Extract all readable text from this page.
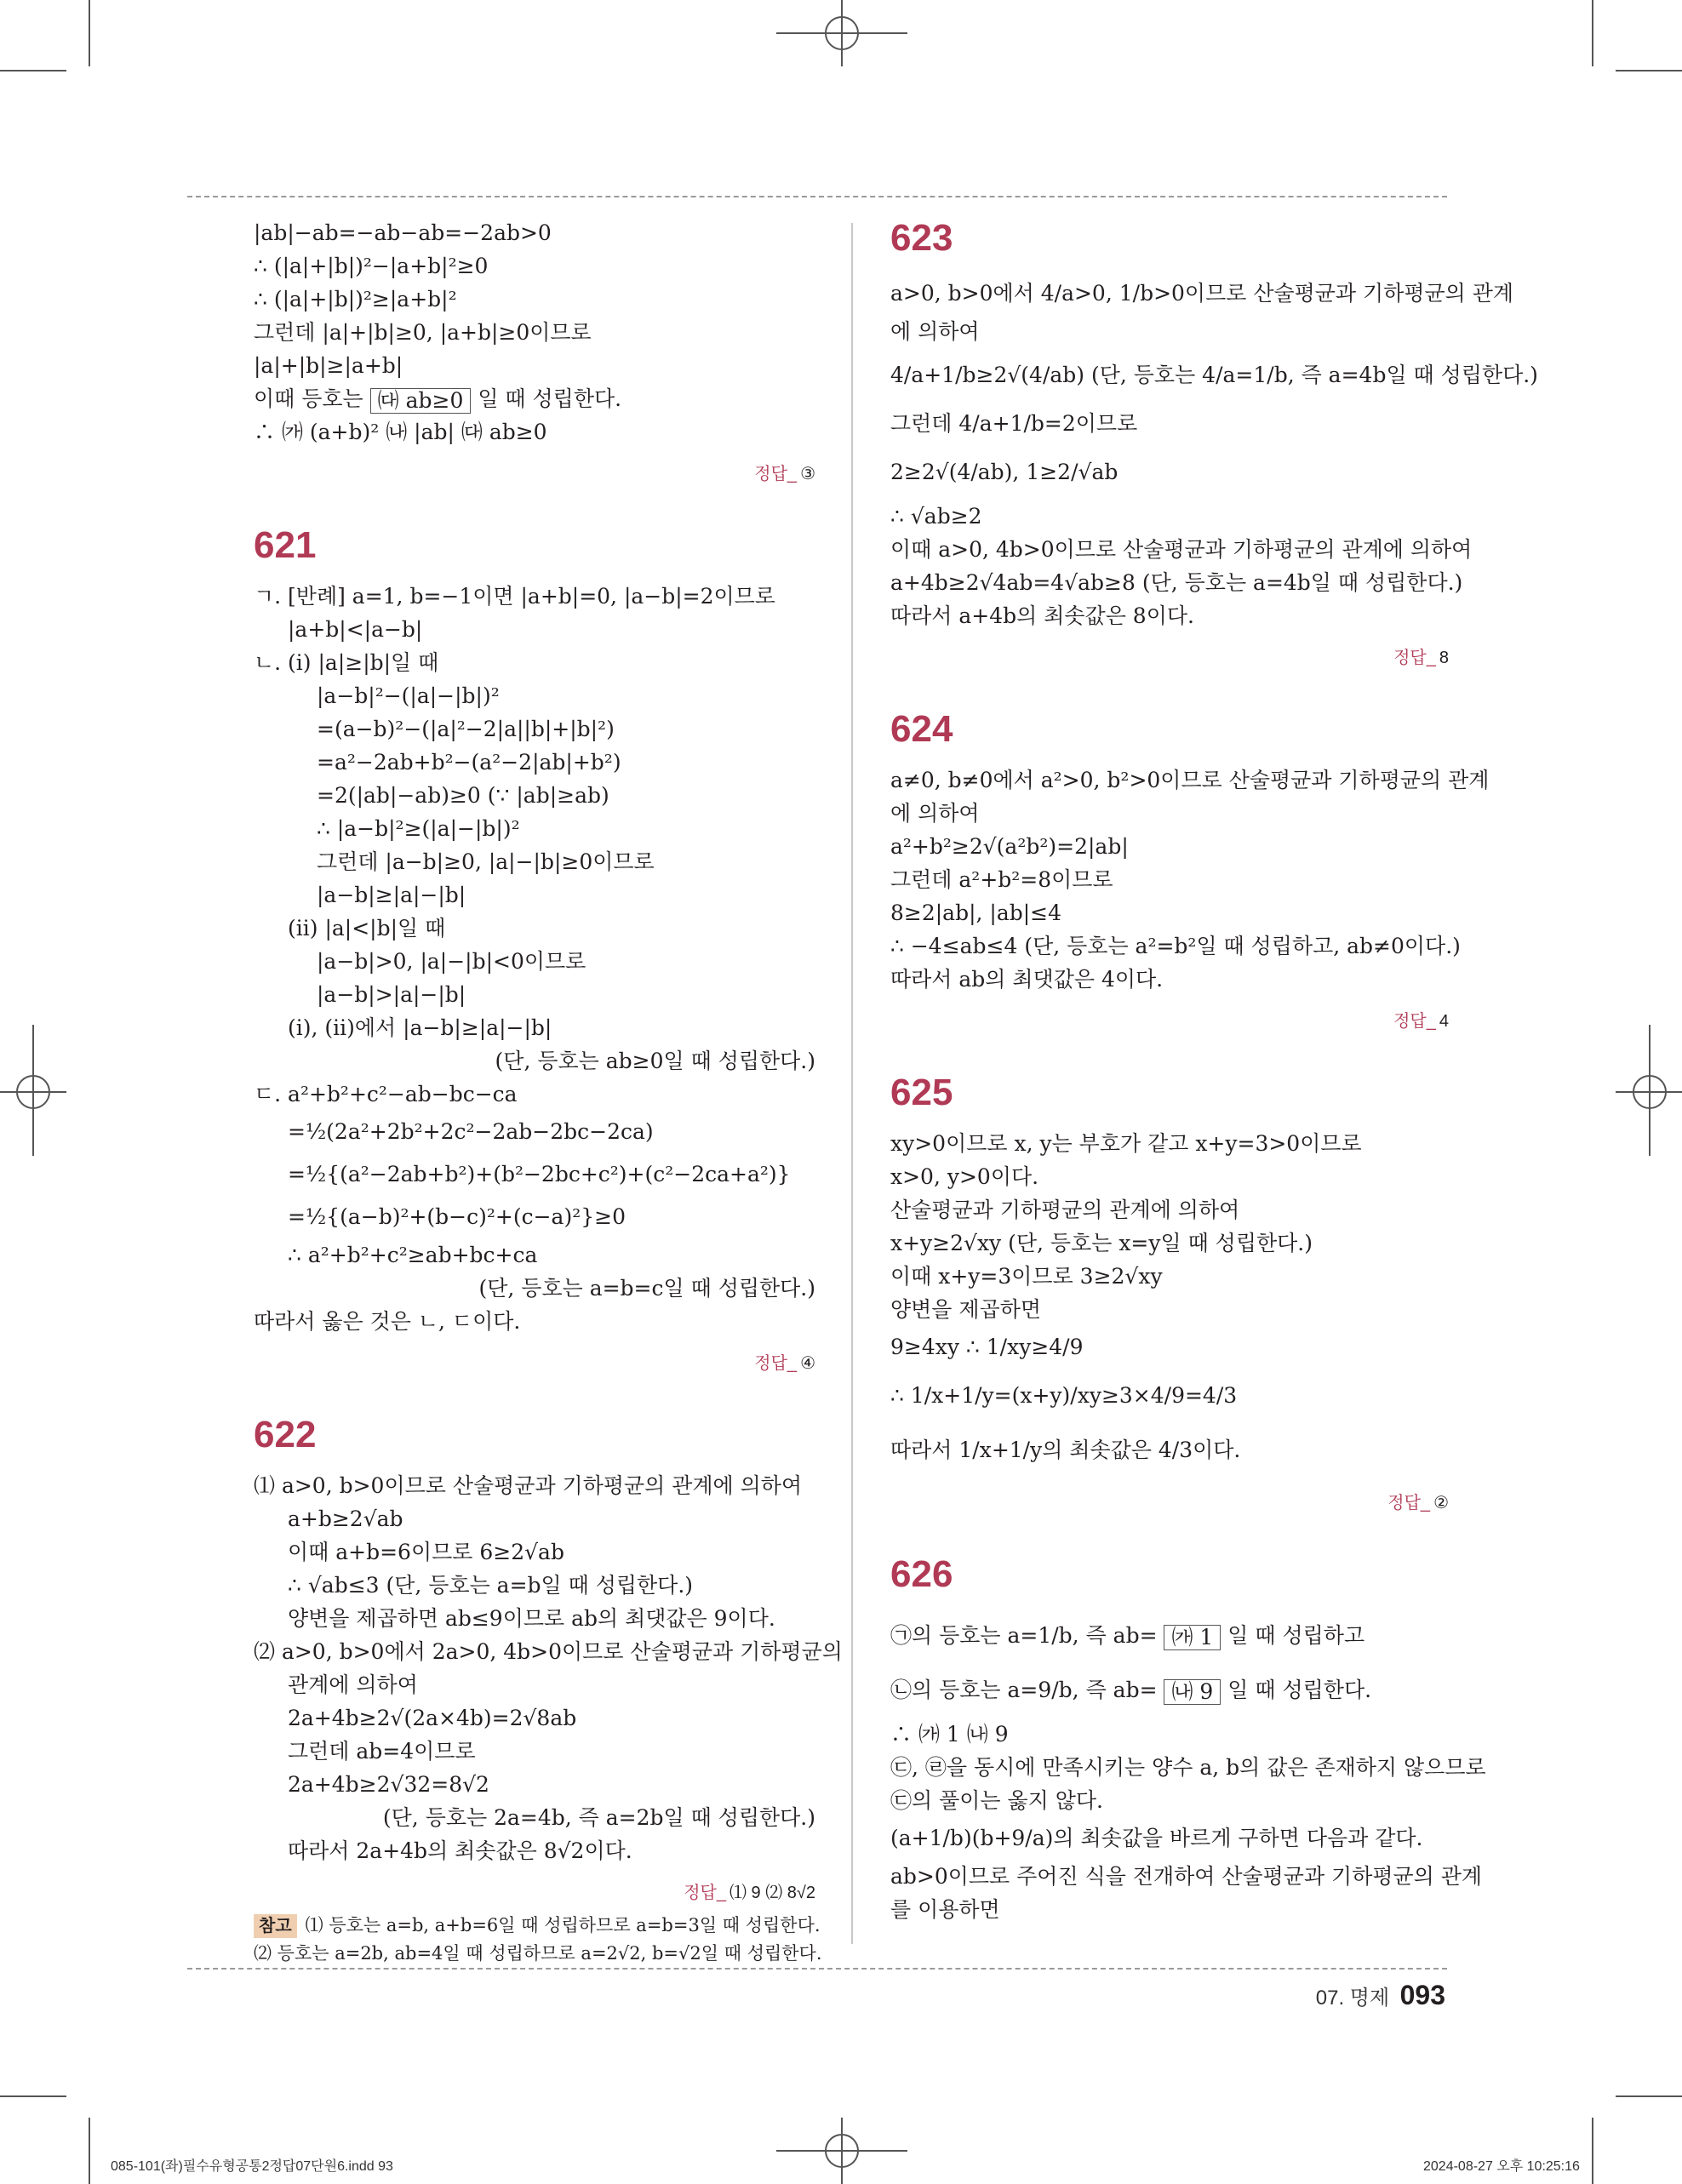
|ab|−ab=−ab−ab=−2ab>0
∴ (|a|+|b|)²−|a+b|²≥0
∴ (|a|+|b|)²≥|a+b|²
그런데 |a|+|b|≥0, |a+b|≥0이므로
|a|+|b|≥|a+b|
이때 등호는 ㈐ ab≥0 일 때 성립한다.
∴ ㈎ (a+b)² ㈏ |ab| ㈐ ab≥0
정답_ ③
621
ㄱ. [반례] a=1, b=−1이면 |a+b|=0, |a−b|=2이므로
|a+b|<|a−b|
ㄴ. (ⅰ) |a|≥|b|일 때
|a−b|²−(|a|−|b|)²
=(a−b)²−(|a|²−2|a||b|+|b|²)
=a²−2ab+b²−(a²−2|ab|+b²)
=2(|ab|−ab)≥0 (∵ |ab|≥ab)
∴ |a−b|²≥(|a|−|b|)²
그런데 |a−b|≥0, |a|−|b|≥0이므로
|a−b|≥|a|−|b|
(ⅱ) |a|<|b|일 때
|a−b|>0, |a|−|b|<0이므로
|a−b|>|a|−|b|
(ⅰ), (ⅱ)에서 |a−b|≥|a|−|b|
(단, 등호는 ab≥0일 때 성립한다.)
ㄷ. a²+b²+c²−ab−bc−ca
=½(2a²+2b²+2c²−2ab−2bc−2ca)
=½{(a²−2ab+b²)+(b²−2bc+c²)+(c²−2ca+a²)}
=½{(a−b)²+(b−c)²+(c−a)²}≥0
∴ a²+b²+c²≥ab+bc+ca
(단, 등호는 a=b=c일 때 성립한다.)
따라서 옳은 것은 ㄴ, ㄷ이다.
정답_ ④
622
⑴ a>0, b>0이므로 산술평균과 기하평균의 관계에 의하여
a+b≥2√ab
이때 a+b=6이므로 6≥2√ab
∴ √ab≤3 (단, 등호는 a=b일 때 성립한다.)
양변을 제곱하면 ab≤9이므로 ab의 최댓값은 9이다.
⑵ a>0, b>0에서 2a>0, 4b>0이므로 산술평균과 기하평균의
관계에 의하여
2a+4b≥2√(2a×4b)=2√8ab
그런데 ab=4이므로
2a+4b≥2√32=8√2
(단, 등호는 2a=4b, 즉 a=2b일 때 성립한다.)
따라서 2a+4b의 최솟값은 8√2이다.
정답_ ⑴ 9 ⑵ 8√2
참고 ⑴ 등호는 a=b, a+b=6일 때 성립하므로 a=b=3일 때 성립한다.
⑵ 등호는 a=2b, ab=4일 때 성립하므로 a=2√2, b=√2일 때 성립한다.
623
a>0, b>0에서 4/a>0, 1/b>0이므로 산술평균과 기하평균의 관계
에 의하여
4/a+1/b≥2√(4/ab) (단, 등호는 4/a=1/b, 즉 a=4b일 때 성립한다.)
그런데 4/a+1/b=2이므로
2≥2√(4/ab), 1≥2/√ab
∴ √ab≥2
이때 a>0, 4b>0이므로 산술평균과 기하평균의 관계에 의하여
a+4b≥2√4ab=4√ab≥8 (단, 등호는 a=4b일 때 성립한다.)
따라서 a+4b의 최솟값은 8이다.
정답_ 8
624
a≠0, b≠0에서 a²>0, b²>0이므로 산술평균과 기하평균의 관계
에 의하여
a²+b²≥2√(a²b²)=2|ab|
그런데 a²+b²=8이므로
8≥2|ab|, |ab|≤4
∴ −4≤ab≤4 (단, 등호는 a²=b²일 때 성립하고, ab≠0이다.)
따라서 ab의 최댓값은 4이다.
정답_ 4
625
xy>0이므로 x, y는 부호가 같고 x+y=3>0이므로
x>0, y>0이다.
산술평균과 기하평균의 관계에 의하여
x+y≥2√xy (단, 등호는 x=y일 때 성립한다.)
이때 x+y=3이므로 3≥2√xy
양변을 제곱하면
9≥4xy ∴ 1/xy≥4/9
∴ 1/x+1/y=(x+y)/xy≥3×4/9=4/3
따라서 1/x+1/y의 최솟값은 4/3이다.
정답_ ②
626
㉠의 등호는 a=1/b, 즉 ab= ㈎ 1 일 때 성립하고
㉡의 등호는 a=9/b, 즉 ab= ㈏ 9 일 때 성립한다.
∴ ㈎ 1 ㈏ 9
㉢, ㉣을 동시에 만족시키는 양수 a, b의 값은 존재하지 않으므로
㉢의 풀이는 옳지 않다.
(a+1/b)(b+9/a)의 최솟값을 바르게 구하면 다음과 같다.
ab>0이므로 주어진 식을 전개하여 산술평균과 기하평균의 관계
를 이용하면
07. 명제 093
085-101(좌)필수유형공통2정답07단원6.indd 93	2024-08-27 오후 10:25:16
